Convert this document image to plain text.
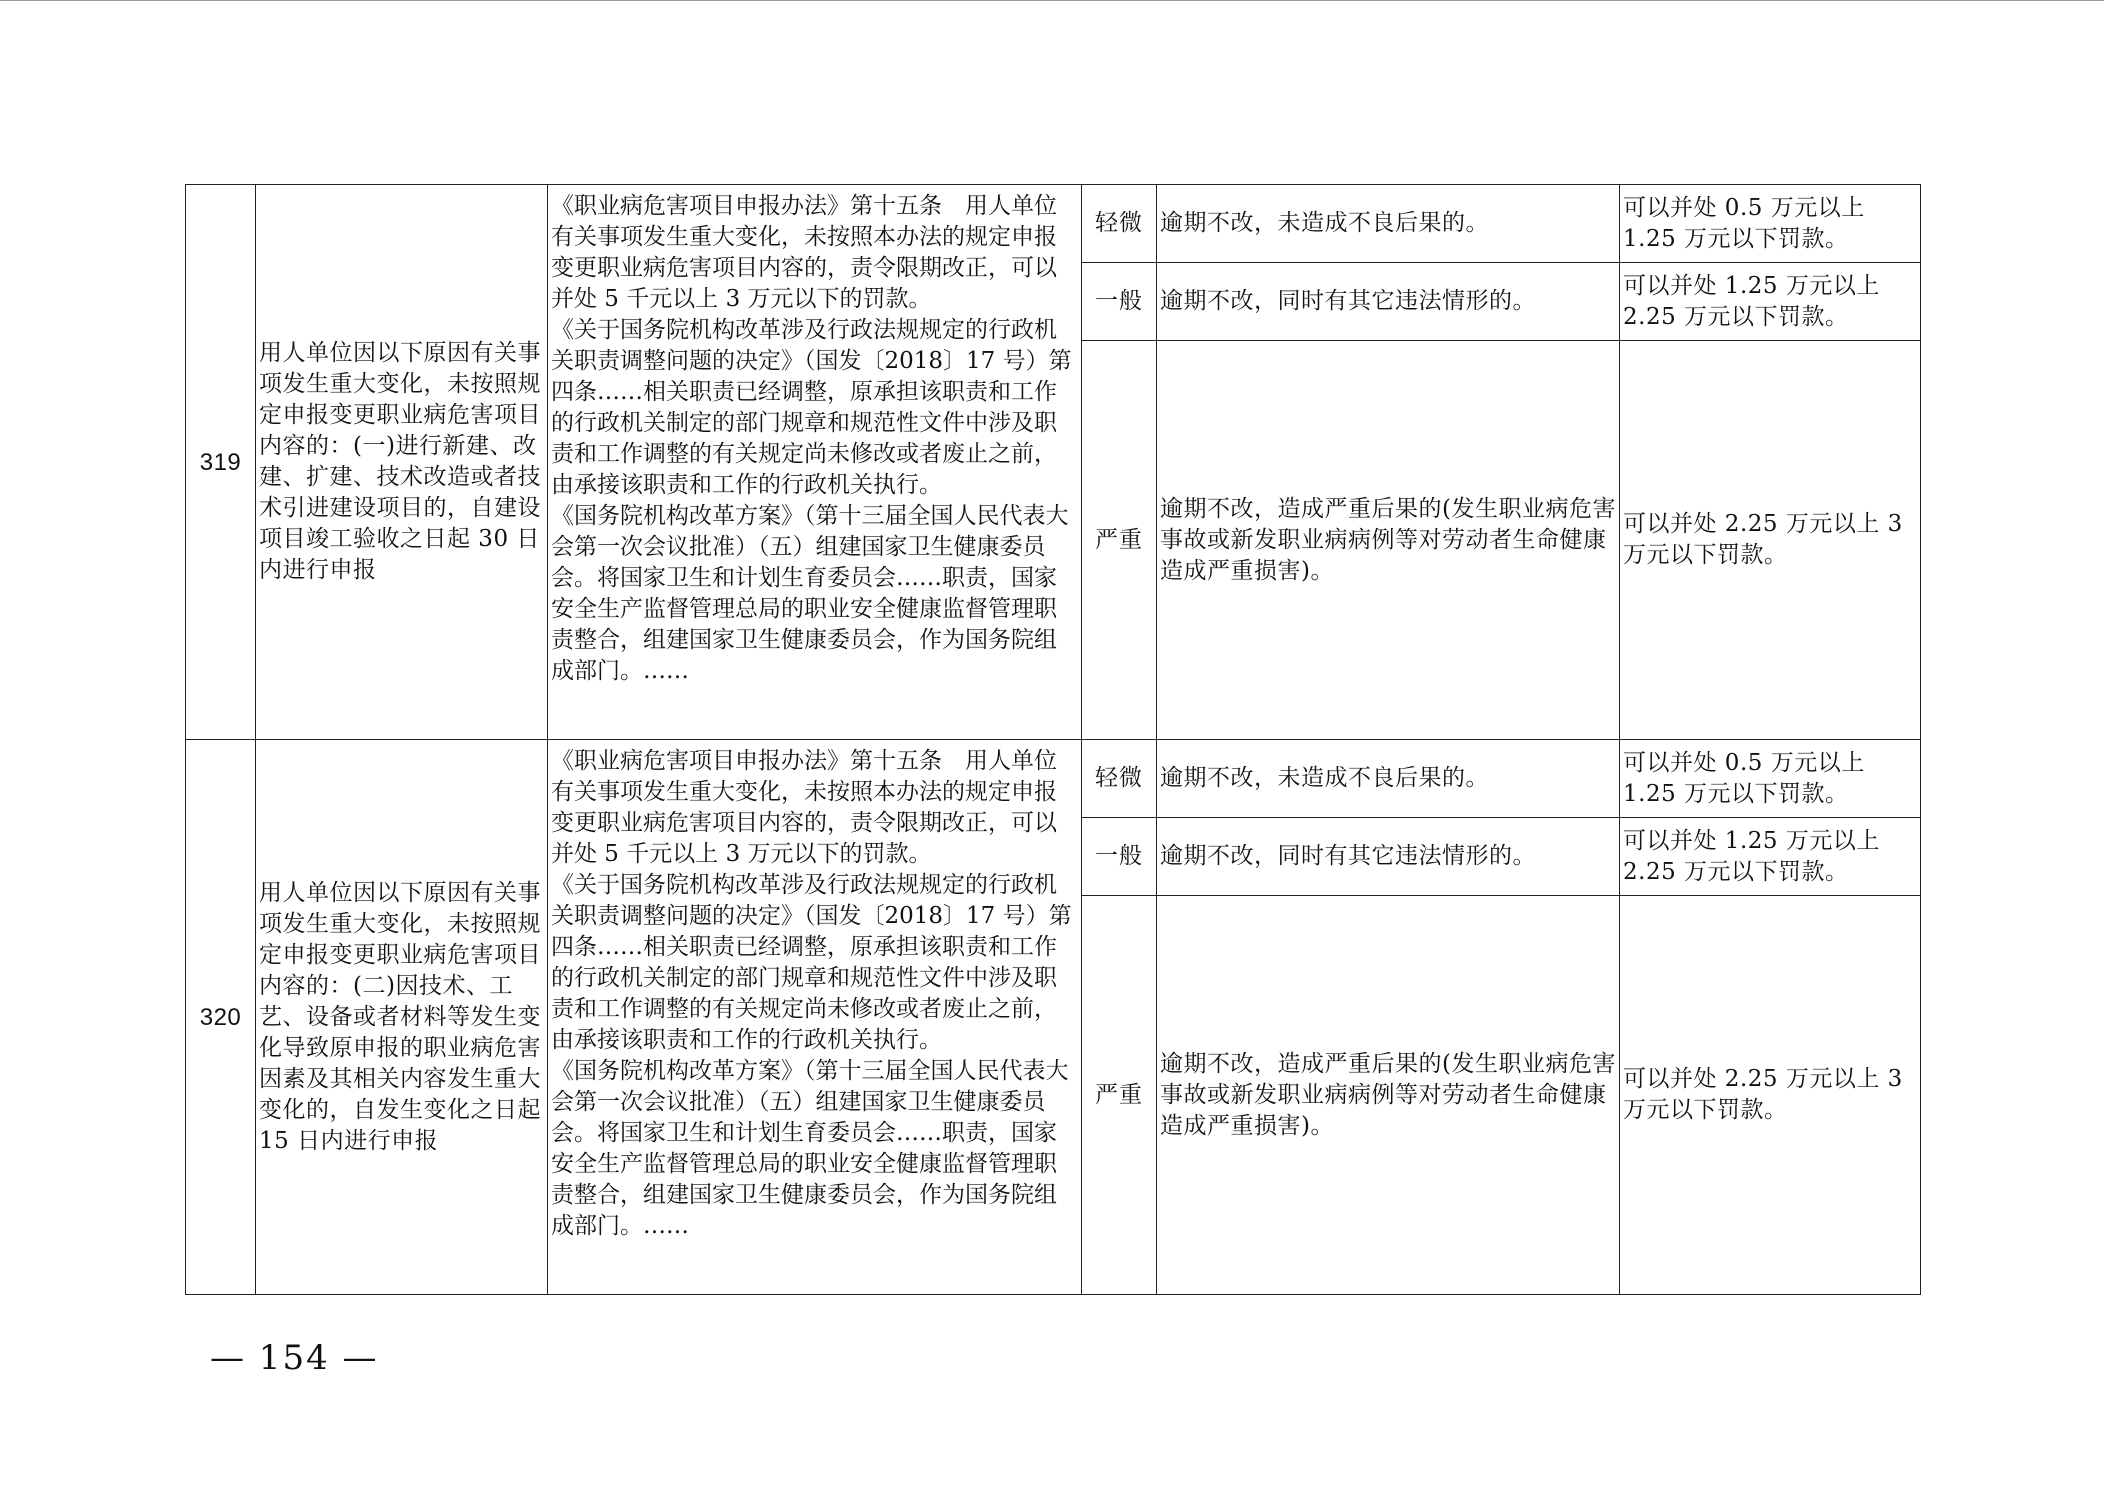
319	用人单位因以下原因有关事项发生重大变化，未按照规定申报变更职业病危害项目内容的：(一)进行新建、改建、扩建、技术改造或者技术引进建设项目的，自建设项目竣工验收之日起 30 日内进行申报	《职业病危害项目申报办法》第十五条　用人单位有关事项发生重大变化，未按照本办法的规定申报变更职业病危害项目内容的，责令限期改正，可以并处 5 千元以上 3 万元以下的罚款。

《关于国务院机构改革涉及行政法规规定的行政机关职责调整问题的决定》（国发〔2018〕17 号）第四条……相关职责已经调整，原承担该职责和工作的行政机关制定的部门规章和规范性文件中涉及职责和工作调整的有关规定尚未修改或者废止之前，由承接该职责和工作的行政机关执行。

《国务院机构改革方案》（第十三届全国人民代表大会第一次会议批准）（五）组建国家卫生健康委员会。将国家卫生和计划生育委员会……职责，国家安全生产监督管理总局的职业安全健康监督管理职责整合，组建国家卫生健康委员会，作为国务院组成部门。……	轻微	逾期不改，未造成不良后果的。	可以并处 0.5 万元以上 1.25 万元以下罚款。
			一般	逾期不改，同时有其它违法情形的。	可以并处 1.25 万元以上 2.25 万元以下罚款。
			严重	逾期不改，造成严重后果的(发生职业病危害事故或新发职业病病例等对劳动者生命健康造成严重损害)。	可以并处 2.25 万元以上 3 万元以下罚款。
320	用人单位因以下原因有关事项发生重大变化，未按照规定申报变更职业病危害项目内容的：(二)因技术、工艺、设备或者材料等发生变化导致原申报的职业病危害因素及其相关内容发生重大变化的，自发生变化之日起 15 日内进行申报	《职业病危害项目申报办法》第十五条　用人单位有关事项发生重大变化，未按照本办法的规定申报变更职业病危害项目内容的，责令限期改正，可以并处 5 千元以上 3 万元以下的罚款。

《关于国务院机构改革涉及行政法规规定的行政机关职责调整问题的决定》（国发〔2018〕17 号）第四条……相关职责已经调整，原承担该职责和工作的行政机关制定的部门规章和规范性文件中涉及职责和工作调整的有关规定尚未修改或者废止之前，由承接该职责和工作的行政机关执行。

《国务院机构改革方案》（第十三届全国人民代表大会第一次会议批准）（五）组建国家卫生健康委员会。将国家卫生和计划生育委员会……职责，国家安全生产监督管理总局的职业安全健康监督管理职责整合，组建国家卫生健康委员会，作为国务院组成部门。……	轻微	逾期不改，未造成不良后果的。	可以并处 0.5 万元以上 1.25 万元以下罚款。
			一般	逾期不改，同时有其它违法情形的。	可以并处 1.25 万元以上 2.25 万元以下罚款。
			严重	逾期不改，造成严重后果的(发生职业病危害事故或新发职业病病例等对劳动者生命健康造成严重损害)。	可以并处 2.25 万元以上 3 万元以下罚款。
— 154 —
